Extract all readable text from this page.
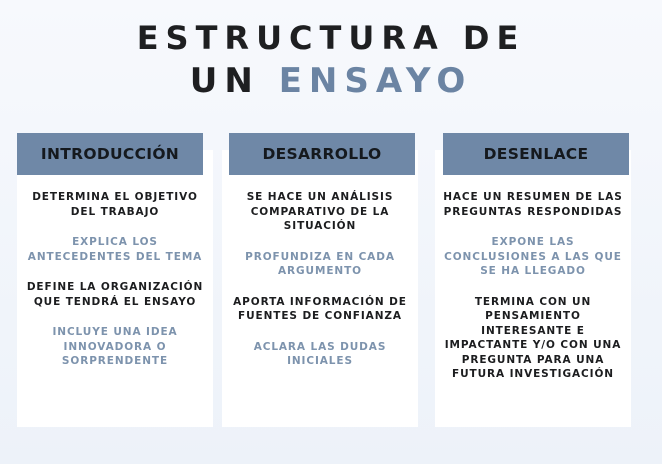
ESTRUCTURA DE
UN ENSAYO
INTRODUCCIÓN
DETERMINA EL OBJETIVO DEL TRABAJO
EXPLICA LOS ANTECEDENTES DEL TEMA
DEFINE LA ORGANIZACIÓN QUE TENDRÁ EL ENSAYO
INCLUYE UNA IDEA INNOVADORA O SORPRENDENTE
DESARROLLO
SE HACE UN ANÁLISIS COMPARATIVO DE LA SITUACIÓN
PROFUNDIZA EN CADA ARGUMENTO
APORTA INFORMACIÓN DE FUENTES DE CONFIANZA
ACLARA LAS DUDAS INICIALES
DESENLACE
HACE UN RESUMEN DE LAS PREGUNTAS RESPONDIDAS
EXPONE LAS CONCLUSIONES A LAS QUE SE HA LLEGADO
TERMINA CON UN PENSAMIENTO INTERESANTE E IMPACTANTE Y/O CON UNA PREGUNTA PARA UNA FUTURA INVESTIGACIÓN
